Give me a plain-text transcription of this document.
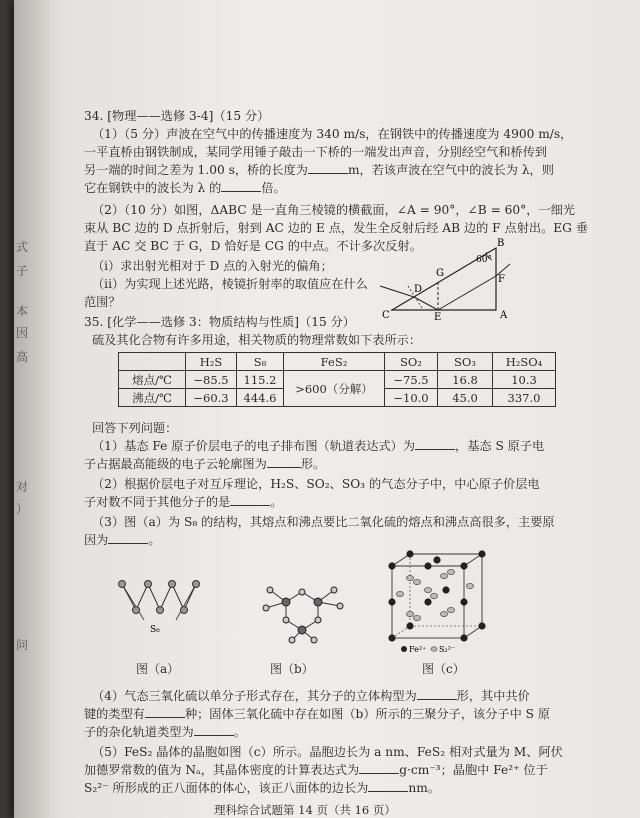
式
子
本
因
高
对
）
问
34. [物理——选修 3-4]（15 分）
（1）（5 分）声波在空气中的传播速度为 340 m/s，在钢铁中的传播速度为 4900 m/s，
一平直桥由钢铁制成，某同学用锤子敲击一下桥的一端发出声音，分别经空气和桥传到
另一端的时间之差为 1.00 s，桥的长度为	m，若该声波在空气中的波长为 λ，则
它在钢铁中的波长为 λ 的	倍。
（2）（10 分）如图，ΔABC 是一直角三棱镜的横截面，∠A = 90°，∠B = 60°，一细光
束从 BC 边的 D 点折射后，射到 AC 边的 E 点，发生全反射后经 AB 边的 F 点射出。EG 垂
直于 AC 交 BC 于 G，D 恰好是 CG 的中点。不计多次反射。
（i）求出射光相对于 D 点的入射光的偏角；
（ii）为实现上述光路，棱镜折射率的取值应在什么
范围？
B
C	A
D
E
F
G
60°
35. [化学——选修 3：物质结构与性质]（15 分）
硫及其化合物有许多用途，相关物质的物理常数如下表所示：
	H₂S	S₈	FeS₂	SO₂	SO₃	H₂SO₄
熔点/℃	−85.5	115.2	>600（分解）	−75.5	16.8	10.3
沸点/℃	−60.3	444.6		−10.0	45.0	337.0
回答下列问题：
（1）基态 Fe 原子价层电子的电子排布图（轨道表达式）为	，基态 S 原子电
子占据最高能级的电子云轮廓图为	形。
（2）根据价层电子对互斥理论，H₂S、SO₂、SO₃ 的气态分子中，中心原子价层电
子对数不同于其他分子的是	。
（3）图（a）为 S₈ 的结构，其熔点和沸点要比二氧化硫的熔点和沸点高很多，主要原
因为	。
S₈
Fe²⁺ S₂²⁻
图（a）	图（b）	图（c）
（4）气态三氧化硫以单分子形式存在，其分子的立体构型为	形，其中共价
键的类型有	种；固体三氧化硫中存在如图（b）所示的三聚分子，该分子中 S 原
子的杂化轨道类型为	。
（5）FeS₂ 晶体的晶胞如图（c）所示。晶胞边长为 a nm、FeS₂ 相对式量为 M、阿伏
加德罗常数的值为 Nₐ，其晶体密度的计算表达式为	g·cm⁻³；晶胞中 Fe²⁺ 位于
S₂²⁻ 所形成的正八面体的体心，该正八面体的边长为	nm。
理科综合试题第 14 页（共 16 页）
